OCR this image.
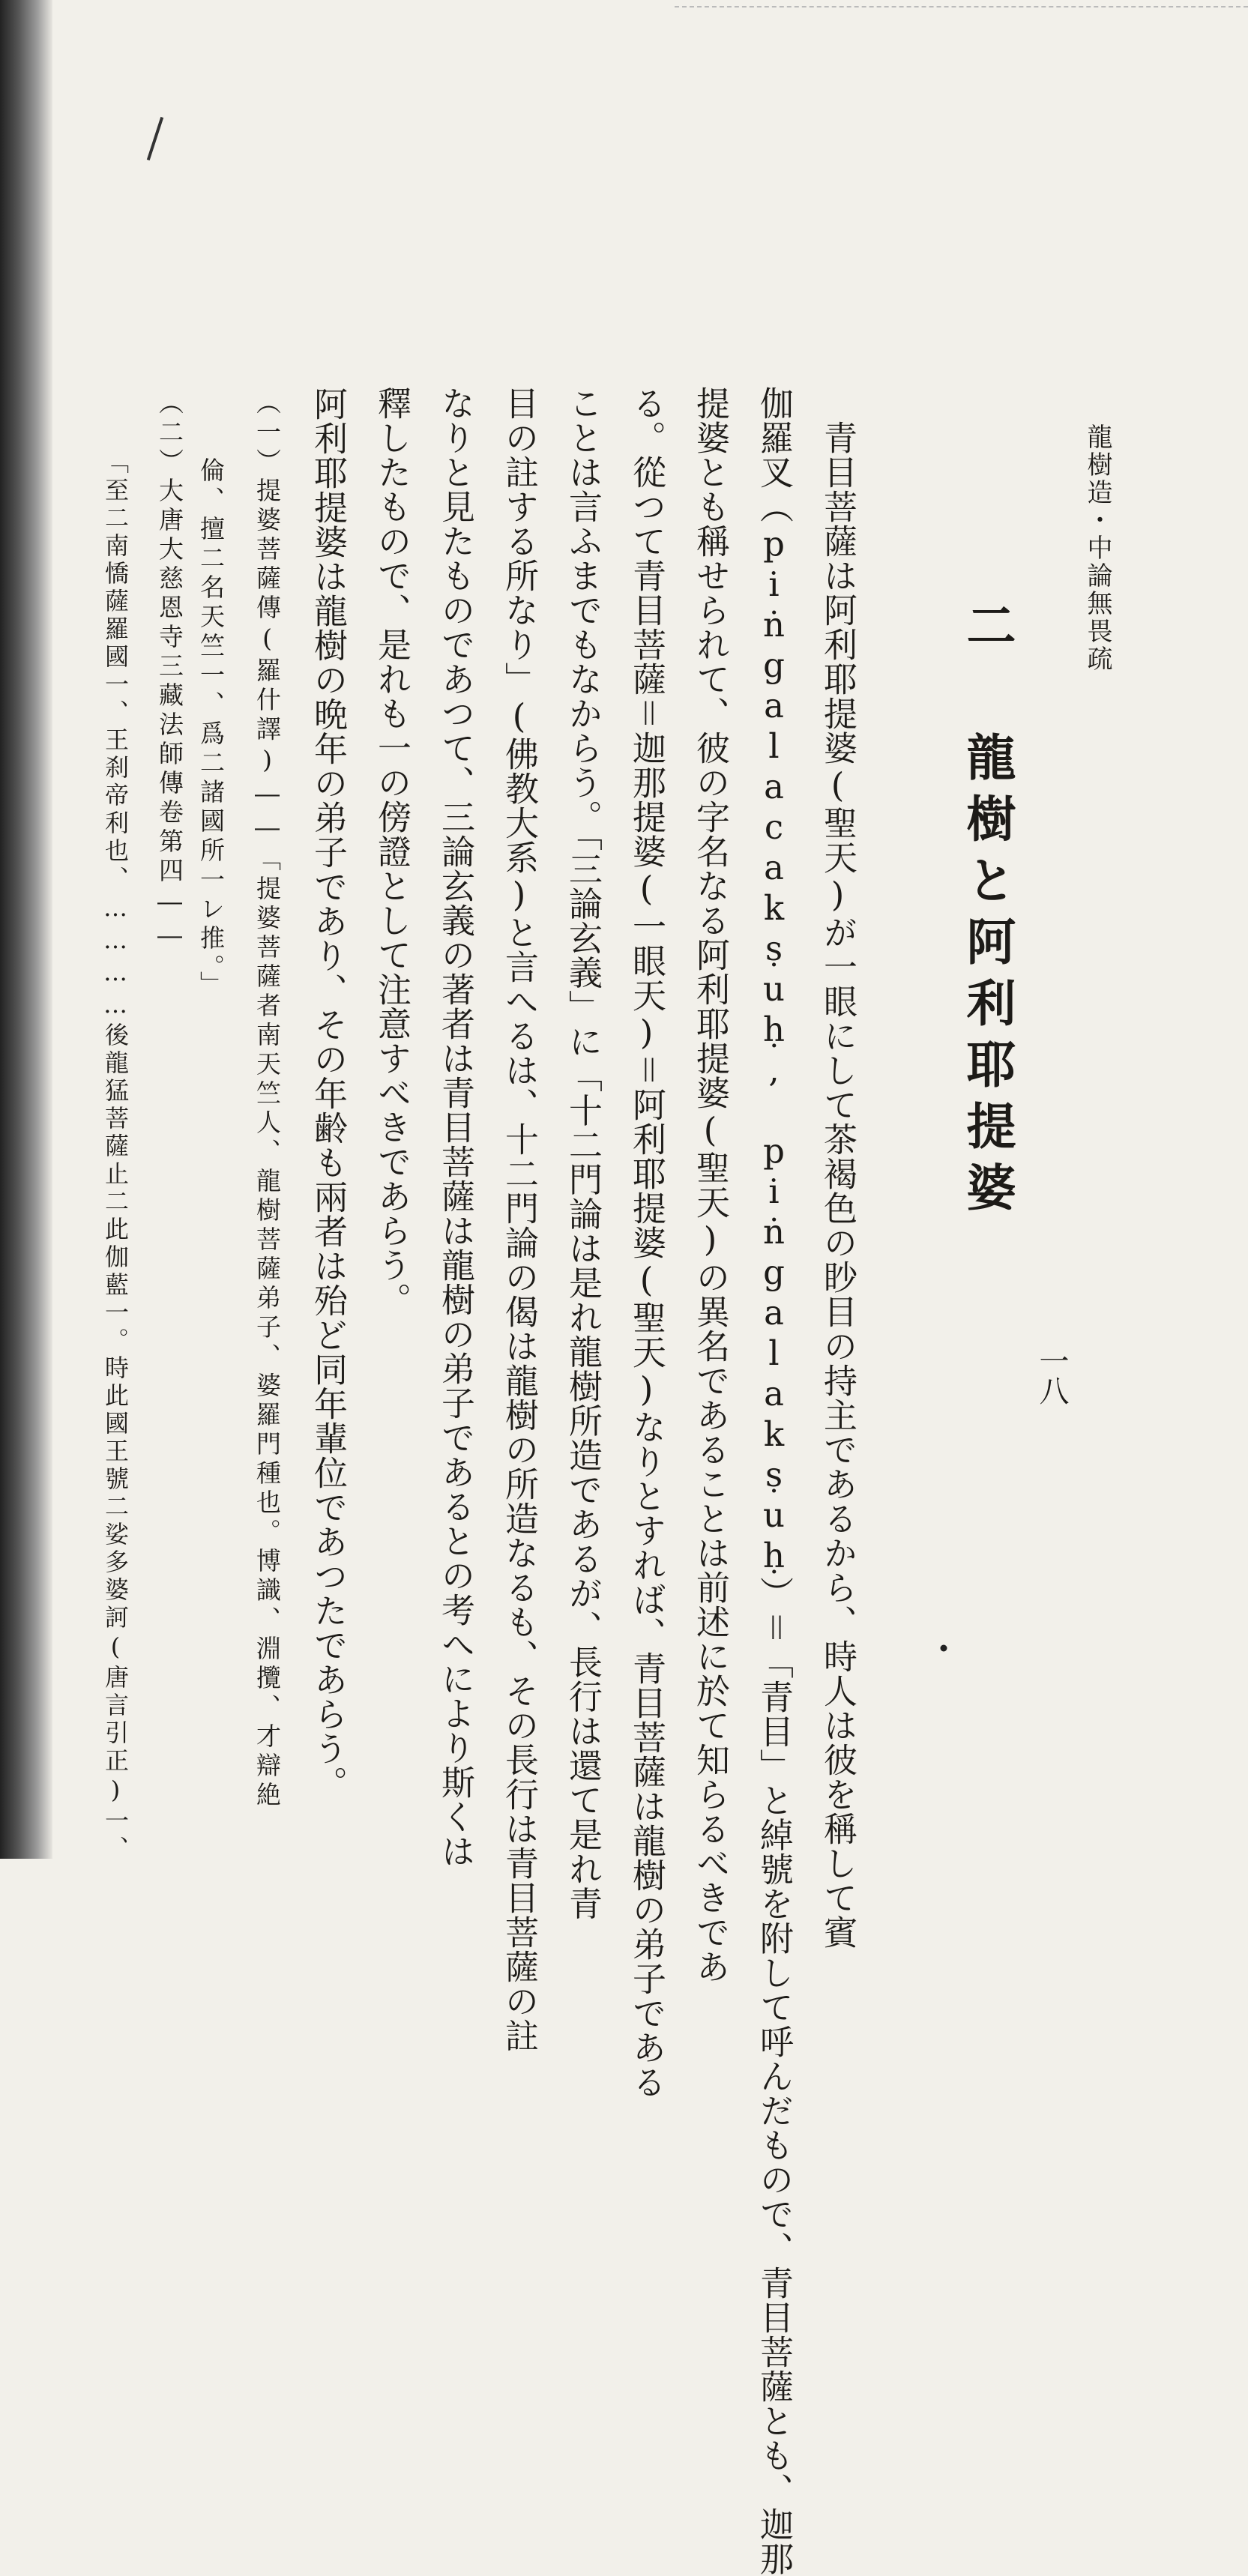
龍樹造・中論無畏疏
一八
二 龍樹と阿利耶提婆
　青目菩薩は阿利耶提婆(聖天)が一眼にして茶褐色の眇目の持主であるから、時人は彼を稱して賓
伽羅叉（piṅgalacakṣuḥ, piṅgalakṣuḥ）＝「青目」と綽號を附して呼んだもので、青目菩薩とも、迦那
提婆とも稱せられて、彼の字名なる阿利耶提婆(聖天)の異名であることは前述に於て知らるべきであ
る。從つて青目菩薩＝迦那提婆(一眼天)＝阿利耶提婆(聖天)なりとすれば、青目菩薩は龍樹の弟子である
ことは言ふまでもなからう。「三論玄義」に「十二門論は是れ龍樹所造であるが、長行は還て是れ青
目の註する所なり」(佛教大系)と言へるは、十二門論の偈は龍樹の所造なるも、その長行は青目菩薩の註
なりと見たものであつて、三論玄義の著者は青目菩薩は龍樹の弟子であるとの考へにより斯くは
釋したもので、是れも一の傍證として注意すべきであらう。
　阿利耶提婆は龍樹の晩年の弟子であり、その年齢も兩者は殆ど同年輩位であつたであらう。
（一）提婆菩薩傳(羅什譯)――「提婆菩薩者南天竺人、龍樹菩薩弟子、婆羅門種也。博識、淵攬、才辯絶
倫、擅二名天竺一、爲二諸國所一レ推。」
（二）大唐大慈恩寺三藏法師傳卷第四――
「至二南憍薩羅國一、王刹帝利也、…………後龍猛菩薩止二此伽藍一。時此國王號二娑多婆訶(唐言引正)一、
